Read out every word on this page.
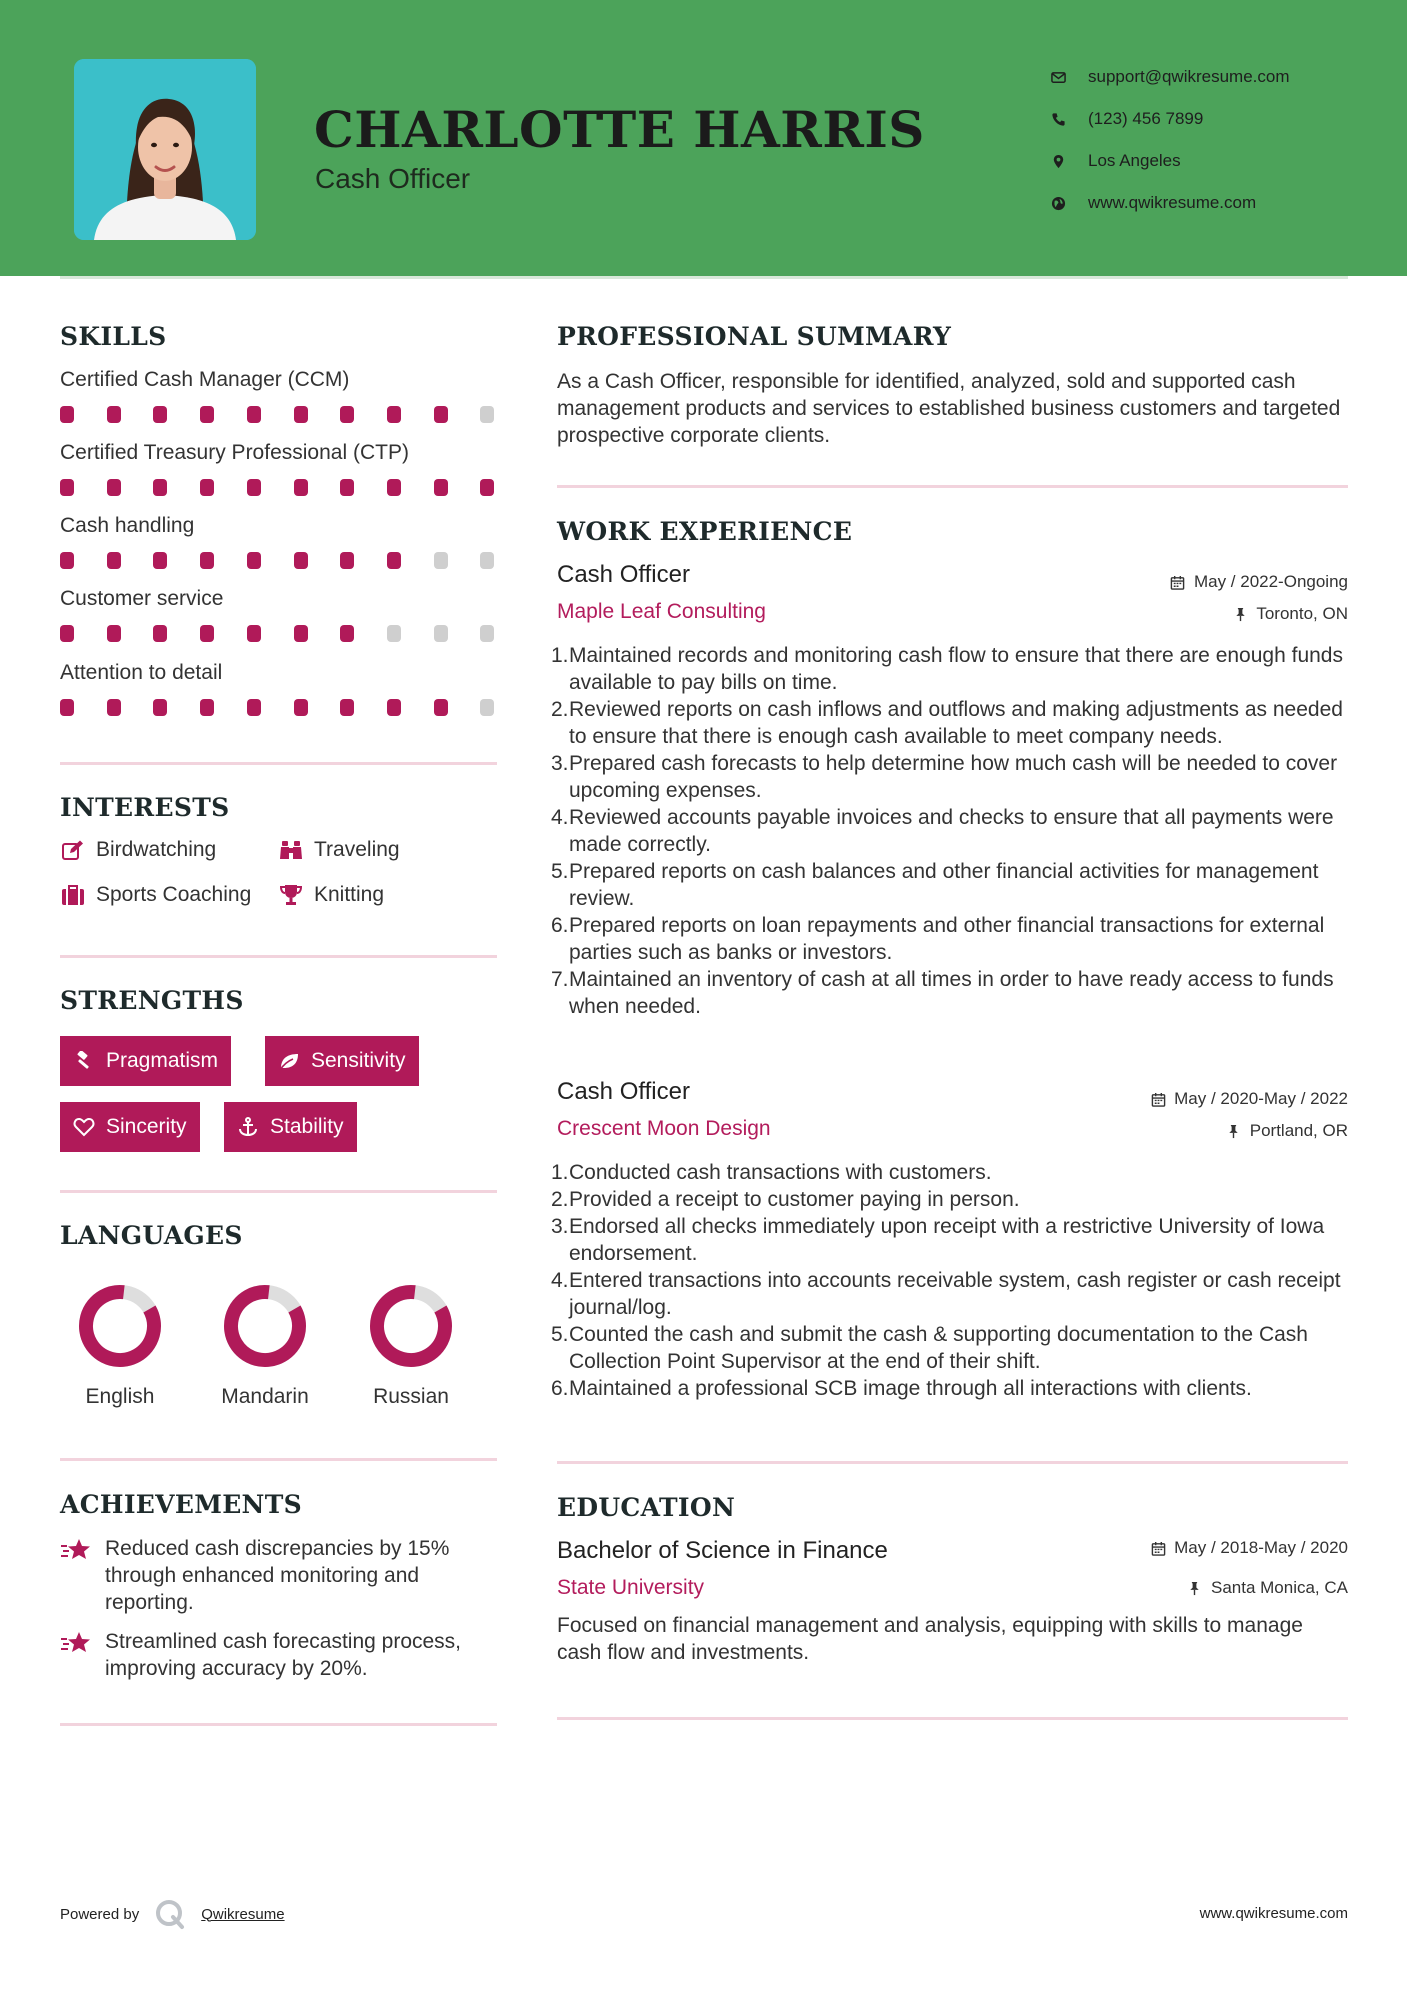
CHARLOTTE HARRIS
Cash Officer
support@qwikresume.com
(123) 456 7899
Los Angeles
www.qwikresume.com
SKILLS
Certified Cash Manager (CCM)
Certified Treasury Professional (CTP)
Cash handling
Customer service
Attention to detail
INTERESTS
Birdwatching	Traveling
Sports Coaching	Knitting
STRENGTHS
Pragmatism	Sensitivity
Sincerity	Stability
LANGUAGES
English	Mandarin	Russian
ACHIEVEMENTS
Reduced cash discrepancies by 15% through enhanced monitoring and reporting.
Streamlined cash forecasting process, improving accuracy by 20%.
PROFESSIONAL SUMMARY
As a Cash Officer, responsible for identified, analyzed, sold and supported cash management products and services to established business customers and targeted prospective corporate clients.
WORK EXPERIENCE
Cash Officer	May / 2022-Ongoing
Maple Leaf Consulting	Toronto, ON
1. Maintained records and monitoring cash flow to ensure that there are enough funds available to pay bills on time.
2. Reviewed reports on cash inflows and outflows and making adjustments as needed to ensure that there is enough cash available to meet company needs.
3. Prepared cash forecasts to help determine how much cash will be needed to cover upcoming expenses.
4. Reviewed accounts payable invoices and checks to ensure that all payments were made correctly.
5. Prepared reports on cash balances and other financial activities for management review.
6. Prepared reports on loan repayments and other financial transactions for external parties such as banks or investors.
7. Maintained an inventory of cash at all times in order to have ready access to funds when needed.
Cash Officer	May / 2020-May / 2022
Crescent Moon Design	Portland, OR
1. Conducted cash transactions with customers.
2. Provided a receipt to customer paying in person.
3. Endorsed all checks immediately upon receipt with a restrictive University of Iowa endorsement.
4. Entered transactions into accounts receivable system, cash register or cash receipt journal/log.
5. Counted the cash and submit the cash & supporting documentation to the Cash Collection Point Supervisor at the end of their shift.
6. Maintained a professional SCB image through all interactions with clients.
EDUCATION
Bachelor of Science in Finance	May / 2018-May / 2020
State University	Santa Monica, CA
Focused on financial management and analysis, equipping with skills to manage cash flow and investments.
Powered by	Qwikresume	www.qwikresume.com
